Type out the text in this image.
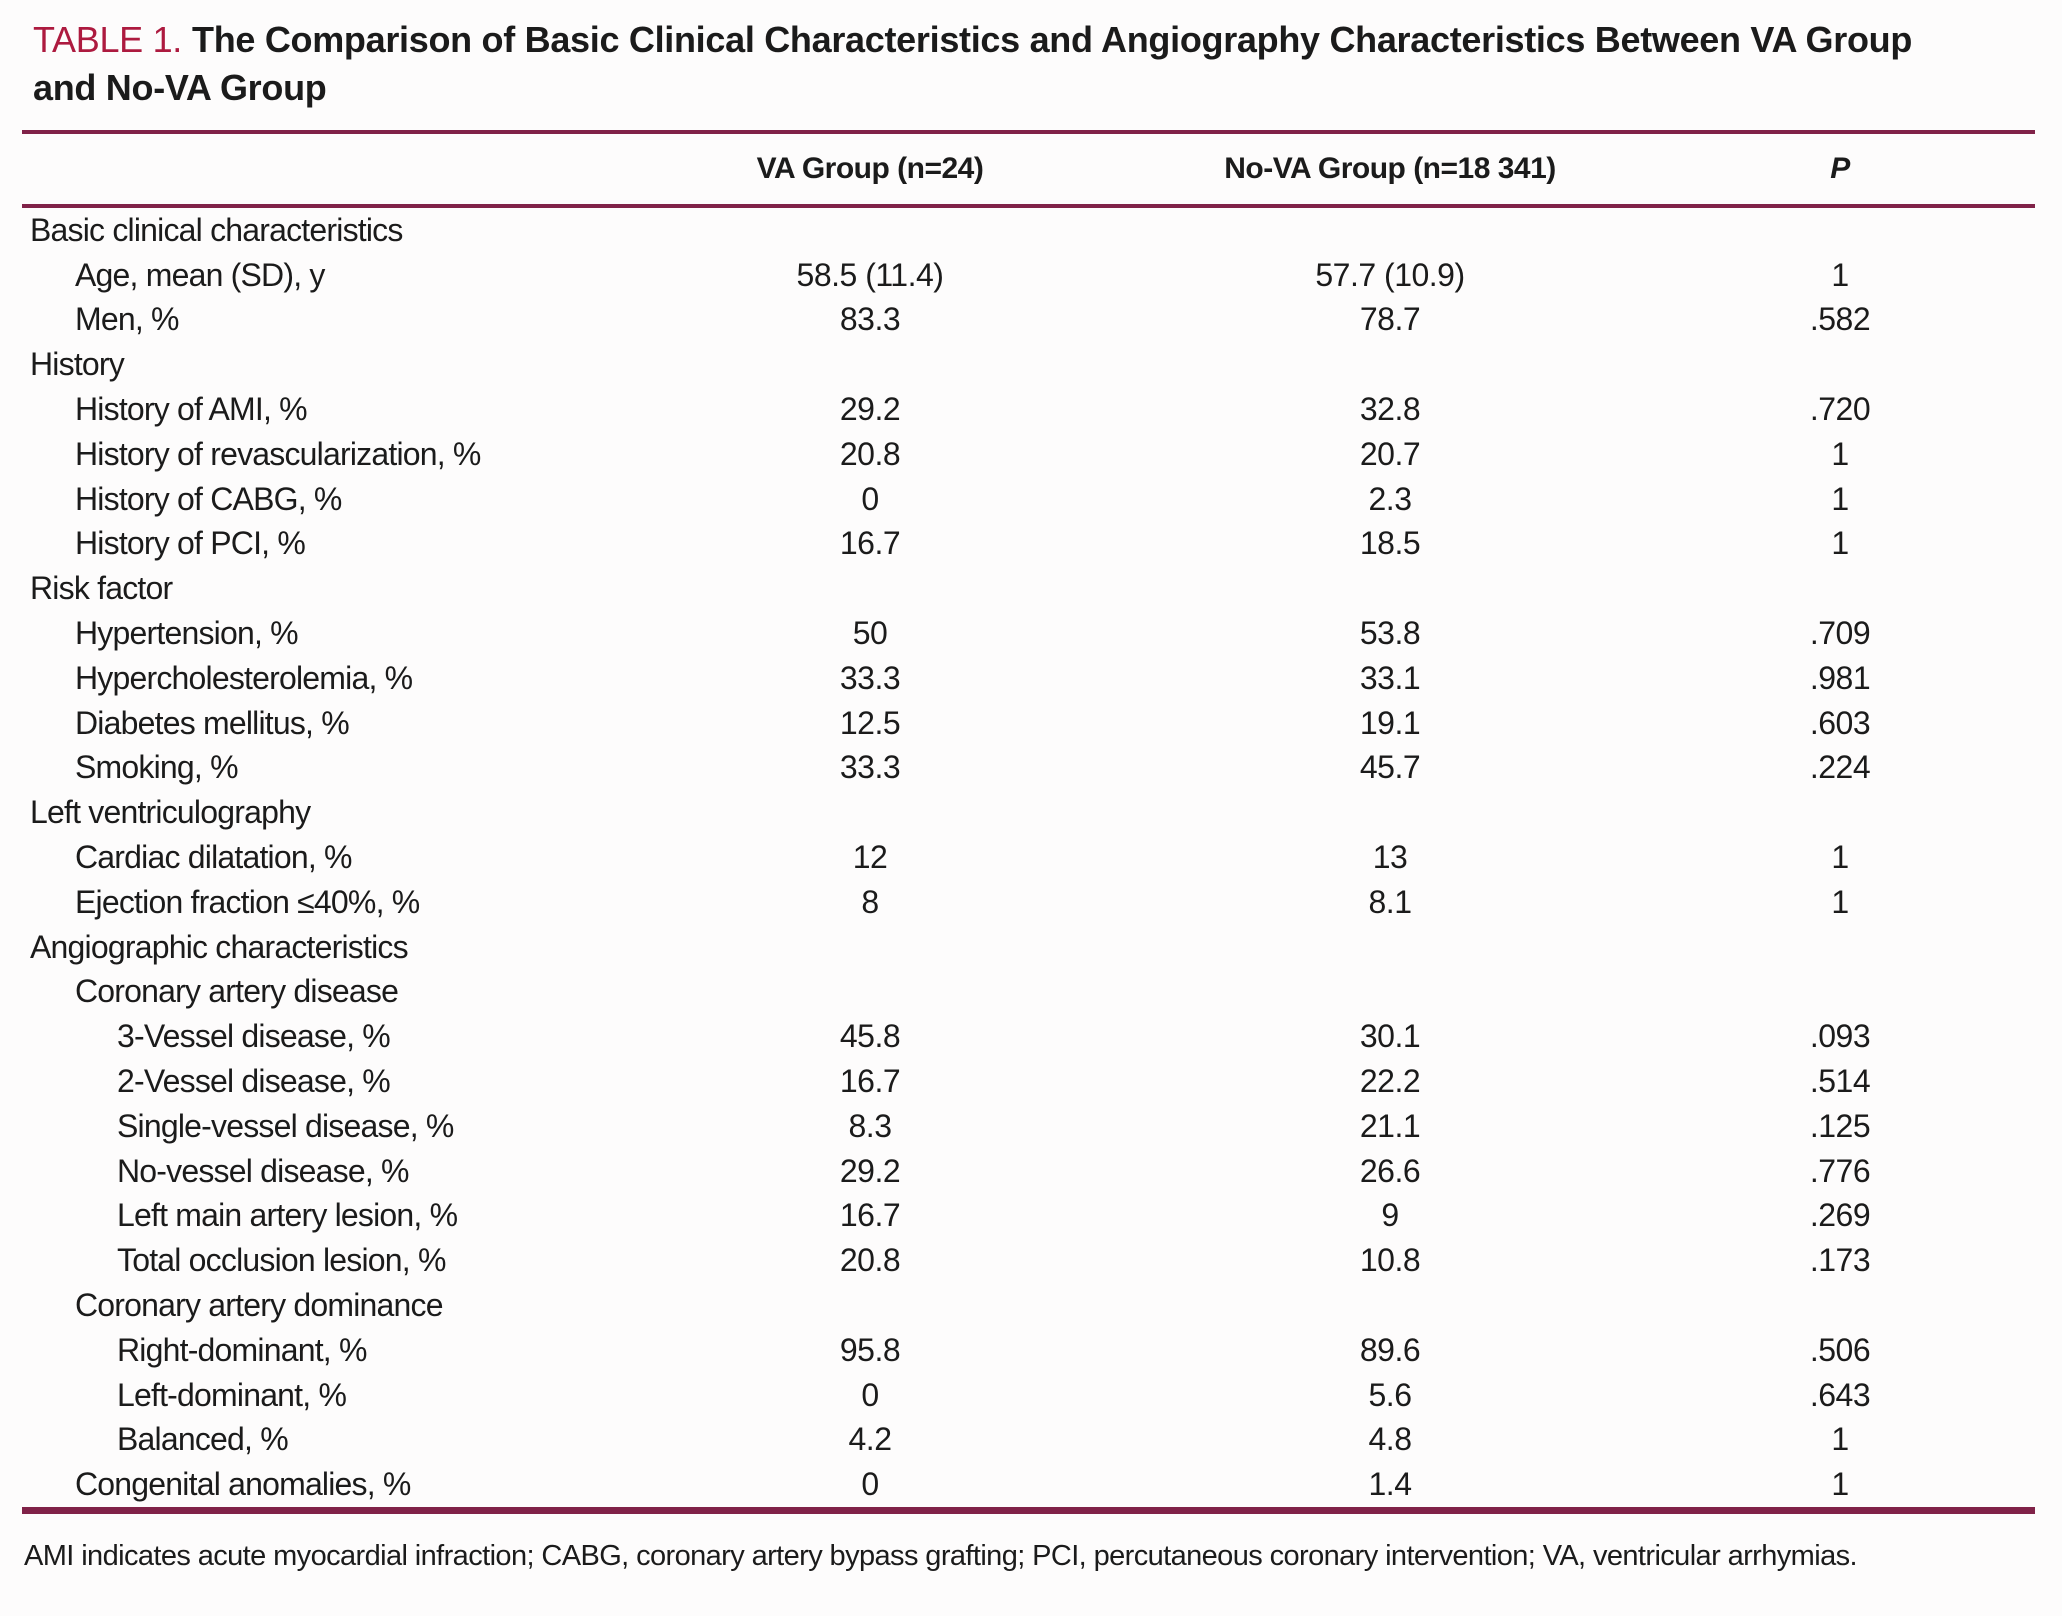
TABLE 1. The Comparison of Basic Clinical Characteristics and Angiography Characteristics Between VA Group
and No-VA Group
VA Group (n=24)	No-VA Group (n=18 341)	P
Basic clinical characteristics
Age, mean (SD), y	58.5 (11.4)	57.7 (10.9)	1
Men, %	83.3	78.7	.582
History
History of AMI, %	29.2	32.8	.720
History of revascularization, %	20.8	20.7	1
History of CABG, %	0	2.3	1
History of PCI, %	16.7	18.5	1
Risk factor
Hypertension, %	50	53.8	.709
Hypercholesterolemia, %	33.3	33.1	.981
Diabetes mellitus, %	12.5	19.1	.603
Smoking, %	33.3	45.7	.224
Left ventriculography
Cardiac dilatation, %	12	13	1
Ejection fraction ≤40%, %	8	8.1	1
Angiographic characteristics
Coronary artery disease
3-Vessel disease, %	45.8	30.1	.093
2-Vessel disease, %	16.7	22.2	.514
Single-vessel disease, %	8.3	21.1	.125
No-vessel disease, %	29.2	26.6	.776
Left main artery lesion, %	16.7	9	.269
Total occlusion lesion, %	20.8	10.8	.173
Coronary artery dominance
Right-dominant, %	95.8	89.6	.506
Left-dominant, %	0	5.6	.643
Balanced, %	4.2	4.8	1
Congenital anomalies, %	0	1.4	1
AMI indicates acute myocardial infraction; CABG, coronary artery bypass grafting; PCI, percutaneous coronary intervention; VA, ventricular arrhymias.
